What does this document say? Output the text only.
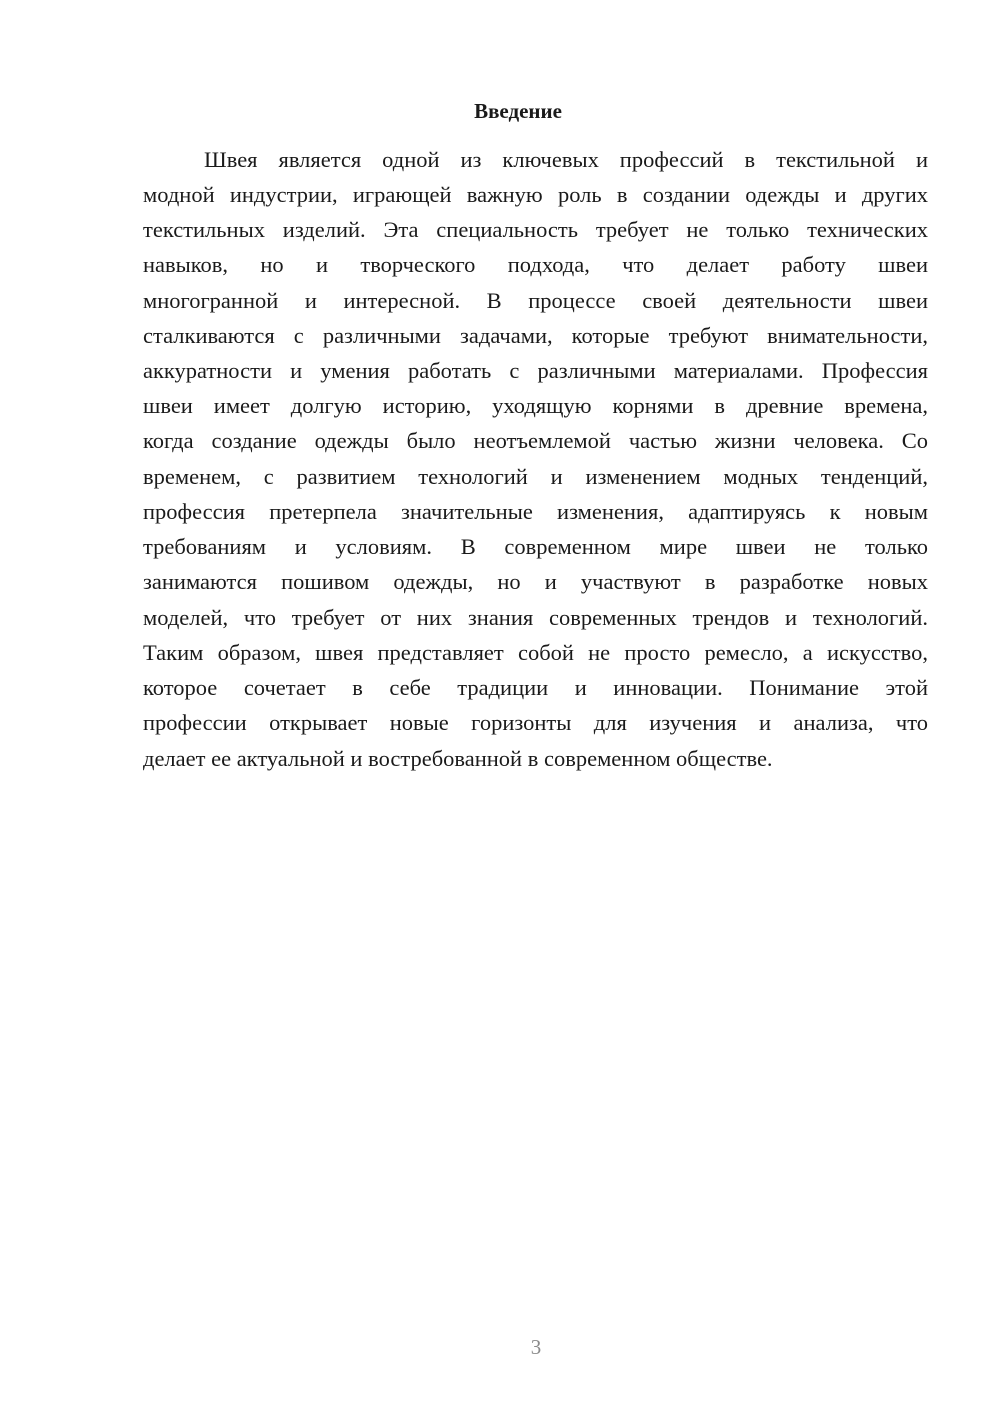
Введение
Швея является одной из ключевых профессий в текстильной и
модной индустрии, играющей важную роль в создании одежды и других
текстильных изделий. Эта специальность требует не только технических
навыков, но и творческого подхода, что делает работу швеи
многогранной и интересной. В процессе своей деятельности швеи
сталкиваются с различными задачами, которые требуют внимательности,
аккуратности и умения работать с различными материалами. Профессия
швеи имеет долгую историю, уходящую корнями в древние времена,
когда создание одежды было неотъемлемой частью жизни человека. Со
временем, с развитием технологий и изменением модных тенденций,
профессия претерпела значительные изменения, адаптируясь к новым
требованиям и условиям. В современном мире швеи не только
занимаются пошивом одежды, но и участвуют в разработке новых
моделей, что требует от них знания современных трендов и технологий.
Таким образом, швея представляет собой не просто ремесло, а искусство,
которое сочетает в себе традиции и инновации. Понимание этой
профессии открывает новые горизонты для изучения и анализа, что
делает ее актуальной и востребованной в современном обществе.
3
